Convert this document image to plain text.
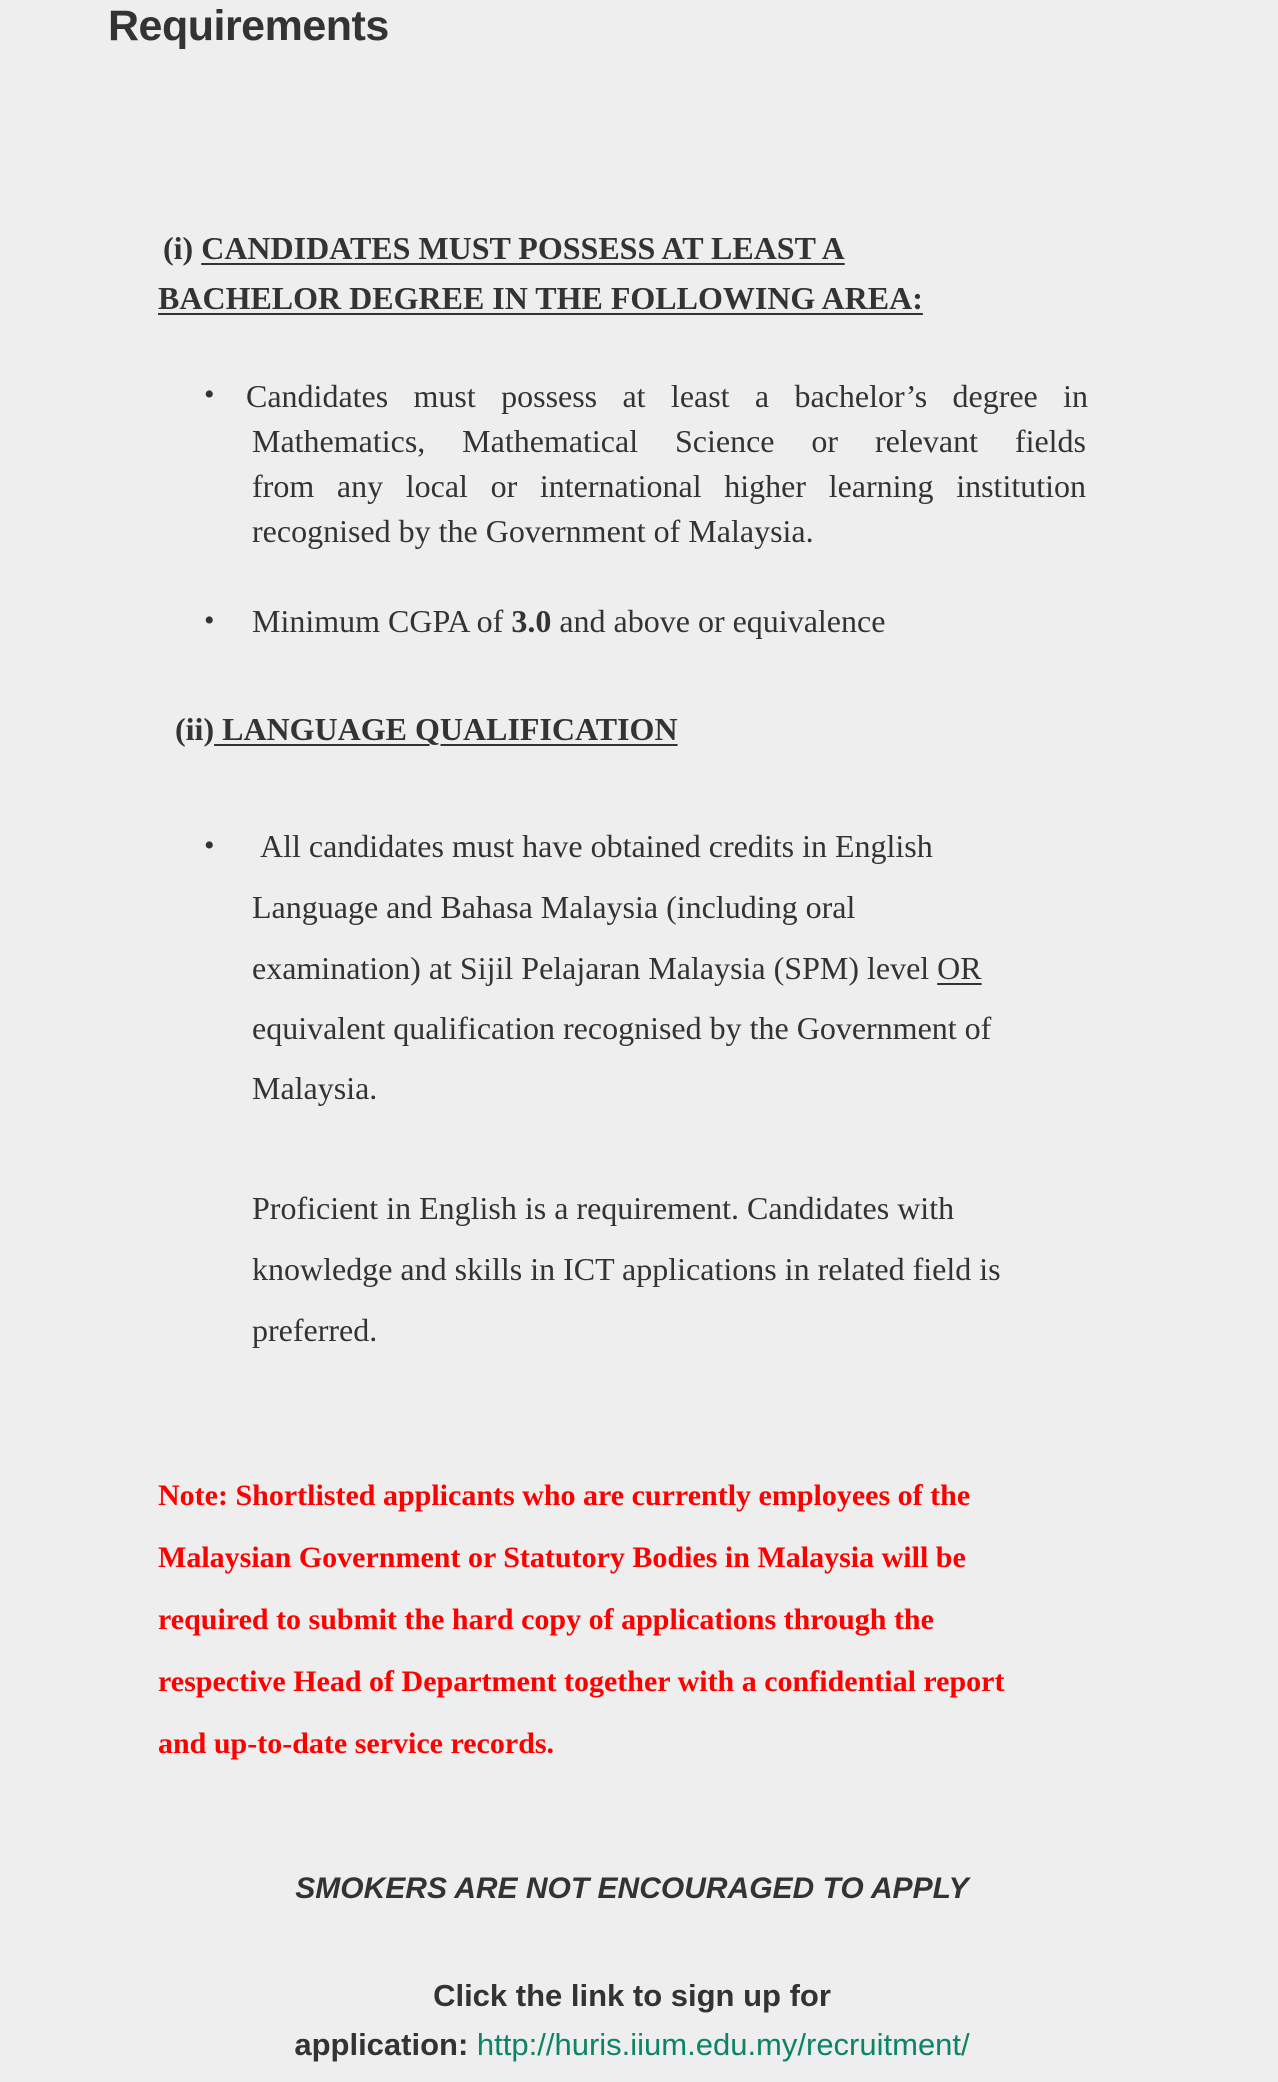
Requirements
(i) CANDIDATES MUST POSSESS AT LEAST A
BACHELOR DEGREE IN THE FOLLOWING AREA:
• Candidates must possess at least a bachelor’s degree in
Mathematics, Mathematical Science or relevant fields
from any local or international higher learning institution
recognised by the Government of Malaysia.
• Minimum CGPA of 3.0 and above or equivalence
(ii) LANGUAGE QUALIFICATION
• All candidates must have obtained credits in English
Language and Bahasa Malaysia (including oral
examination) at Sijil Pelajaran Malaysia (SPM) level OR
equivalent qualification recognised by the Government of
Malaysia.
Proficient in English is a requirement. Candidates with
knowledge and skills in ICT applications in related field is
preferred.
Note: Shortlisted applicants who are currently employees of the
Malaysian Government or Statutory Bodies in Malaysia will be
required to submit the hard copy of applications through the
respective Head of Department together with a confidential report
and up-to-date service records.
SMOKERS ARE NOT ENCOURAGED TO APPLY
Click the link to sign up for
application: http://huris.iium.edu.my/recruitment/
